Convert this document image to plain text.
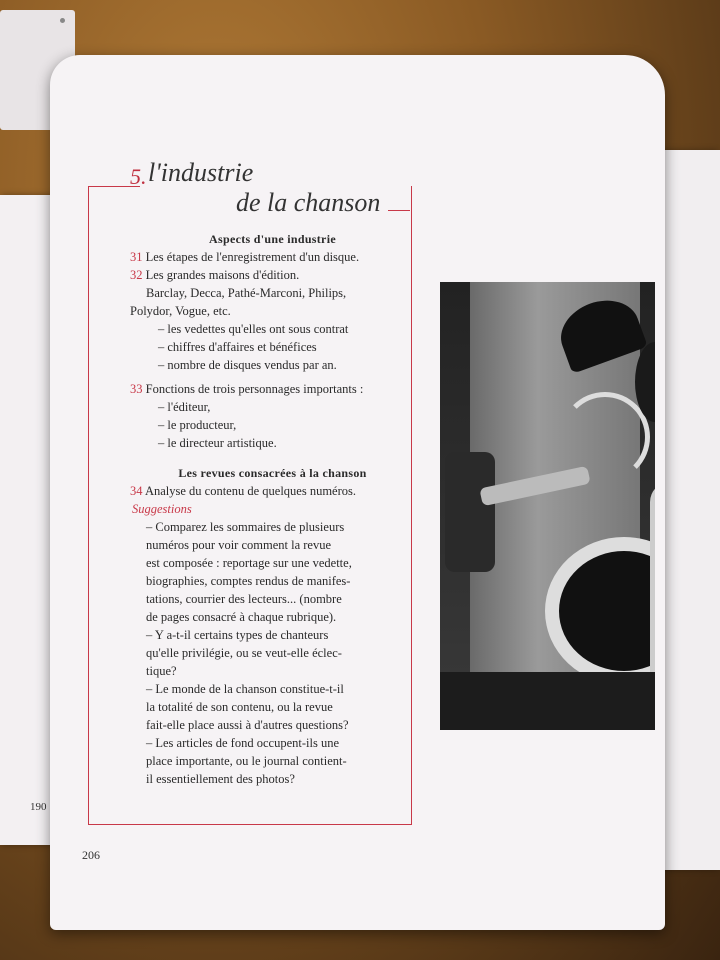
190
5. l'industrie
de la chanson
Aspects d'une industrie
31 Les étapes de l'enregistrement d'un disque.
32 Les grandes maisons d'édition.
Barclay, Decca, Pathé-Marconi, Philips,
Polydor, Vogue, etc.
– les vedettes qu'elles ont sous contrat
– chiffres d'affaires et bénéfices
– nombre de disques vendus par an.
33 Fonctions de trois personnages importants :
– l'éditeur,
– le producteur,
– le directeur artistique.
Les revues consacrées à la chanson
34 Analyse du contenu de quelques numéros.
Suggestions
– Comparez les sommaires de plusieurs
numéros pour voir comment la revue
est composée : reportage sur une vedette,
biographies, comptes rendus de manifes-
tations, courrier des lecteurs... (nombre
de pages consacré à chaque rubrique).
– Y a-t-il certains types de chanteurs
qu'elle privilégie, ou se veut-elle éclec-
tique?
– Le monde de la chanson constitue-t-il
la totalité de son contenu, ou la revue
fait-elle place aussi à d'autres questions?
– Les articles de fond occupent-ils une
place importante, ou le journal contient-
il essentiellement des photos?
206
